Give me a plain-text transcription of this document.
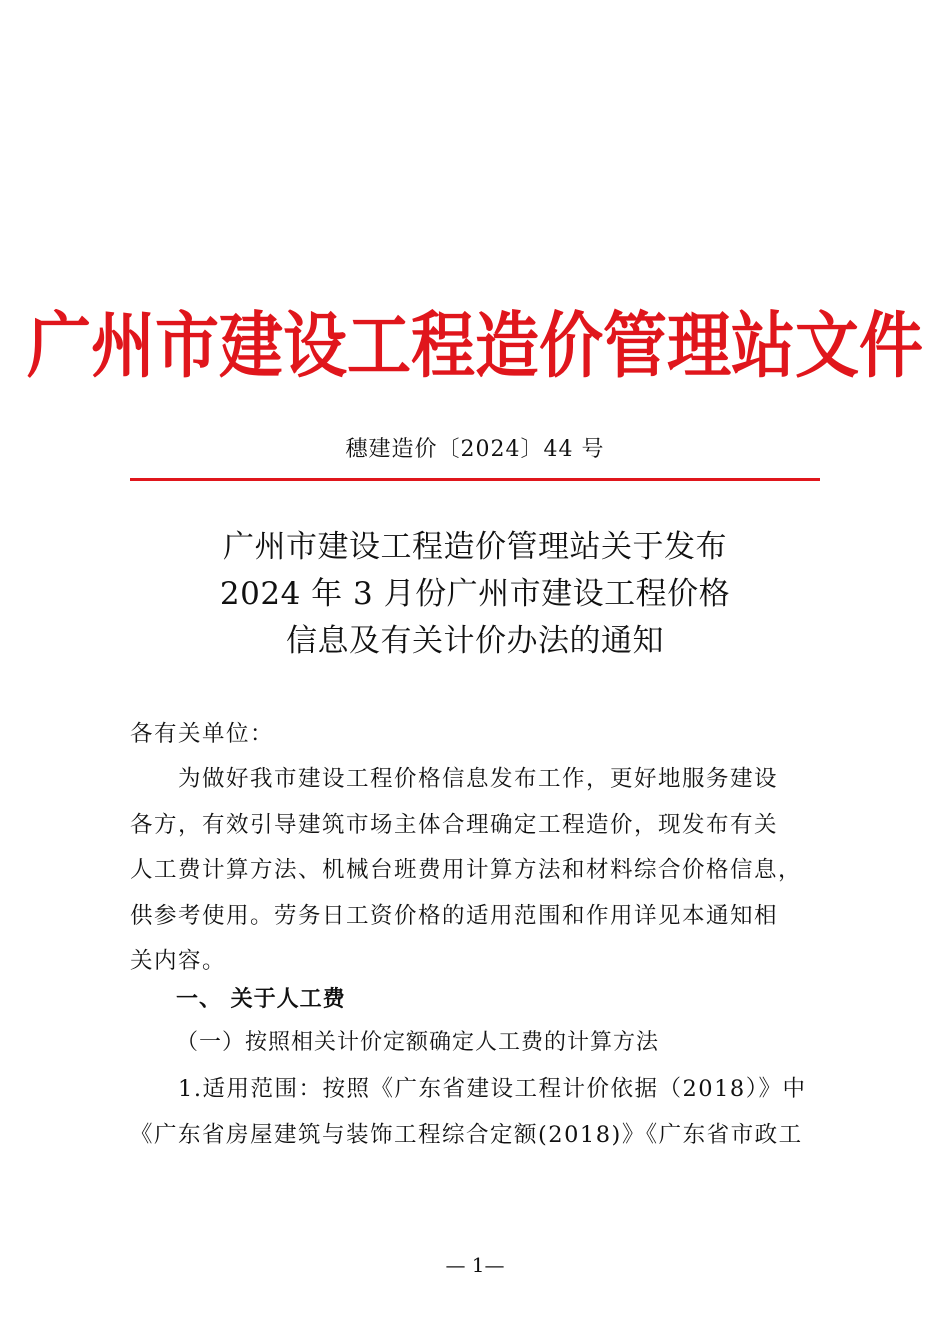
广州市建设工程造价管理站文件
穗建造价〔2024〕44 号
广州市建设工程造价管理站关于发布
2024 年 3 月份广州市建设工程价格
信息及有关计价办法的通知
各有关单位：
　　为做好我市建设工程价格信息发布工作，更好地服务建设
各方，有效引导建筑市场主体合理确定工程造价，现发布有关
人工费计算方法、机械台班费用计算方法和材料综合价格信息，
供参考使用。劳务日工资价格的适用范围和作用详见本通知相
关内容。
一、 关于人工费
（一）按照相关计价定额确定人工费的计算方法
　　1.适用范围：按照《广东省建设工程计价依据（2018）》中
《广东省房屋建筑与装饰工程综合定额(2018)》《广东省市政工
— 1—
